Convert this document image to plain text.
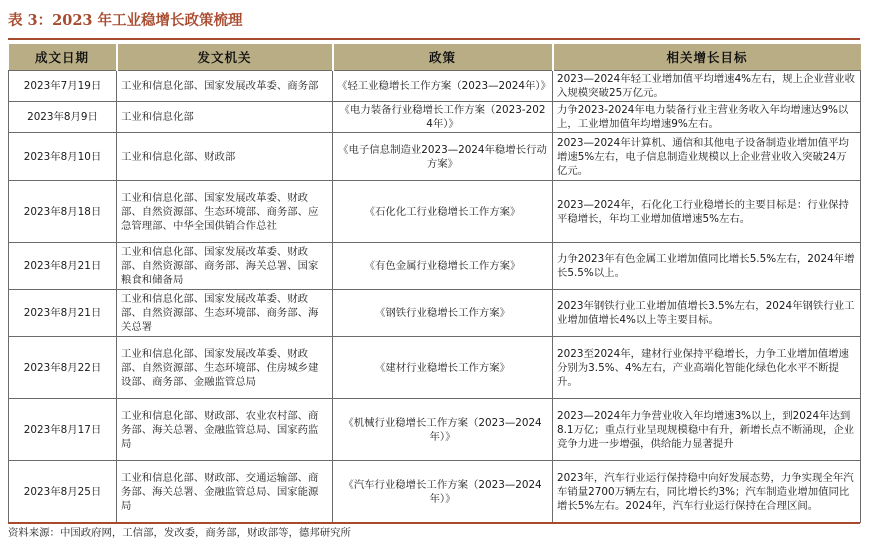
表 3：2023 年工业稳增长政策梳理
成文日期	发文机关	政策	相关增长目标
2023年7月19日	工业和信息化部、国家发展改革委、商务部	《轻工业稳增长工作方案（2023—2024年）》	2023—2024年轻工业增加值平均增速4%左右，规上企业营业收入规模突破25万亿元。
2023年8月9日	工业和信息化部	《电力装备行业稳增长工作方案（2023-2024年）》	力争2023-2024年电力装备行业主营业务收入年均增速达9%以上，工业增加值年均增速9%左右。
2023年8月10日	工业和信息化部、财政部	《电子信息制造业2023—2024年稳增长行动方案》	2023—2024年计算机、通信和其他电子设备制造业增加值平均增速5%左右，电子信息制造业规模以上企业营业收入突破24万亿元。
2023年8月18日	工业和信息化部、国家发展改革委、财政部、自然资源部、生态环境部、商务部、应急管理部、中华全国供销合作总社	《石化化工行业稳增长工作方案》	2023—2024年，石化化工行业稳增长的主要目标是：行业保持平稳增长，年均工业增加值增速5%左右。
2023年8月21日	工业和信息化部、国家发展改革委、财政部、自然资源部、商务部、海关总署、国家粮食和储备局	《有色金属行业稳增长工作方案》	力争2023年有色金属工业增加值同比增长5.5%左右，2024年增长5.5%以上。
2023年8月21日	工业和信息化部、国家发展改革委、财政部、自然资源部、生态环境部、商务部、海关总署	《钢铁行业稳增长工作方案》	2023年钢铁行业工业增加值增长3.5%左右，2024年钢铁行业工业增加值增长4%以上等主要目标。
2023年8月22日	工业和信息化部、国家发展改革委、财政部、自然资源部、生态环境部、住房城乡建设部、商务部、金融监管总局	《建材行业稳增长工作方案》	2023至2024年，建材行业保持平稳增长，力争工业增加值增速分别为3.5%、4%左右，产业高端化智能化绿色化水平不断提升。
2023年8月17日	工业和信息化部、财政部、农业农村部、商务部、海关总署、金融监管总局、国家药监局	《机械行业稳增长工作方案（2023—2024年）》	2023—2024年力争营业收入年均增速3%以上，到2024年达到8.1万亿；重点行业呈现规模稳中有升，新增长点不断涌现，企业竞争力进一步增强，供给能力显著提升
2023年8月25日	工业和信息化部、财政部、交通运输部、商务部、海关总署、金融监管总局、国家能源局	《汽车行业稳增长工作方案（2023—2024年）》	2023年，汽车行业运行保持稳中向好发展态势，力争实现全年汽车销量2700万辆左右，同比增长约3%；汽车制造业增加值同比增长5%左右。2024年，汽车行业运行保持在合理区间。
资料来源：中国政府网，工信部，发改委，商务部，财政部等，德邦研究所
